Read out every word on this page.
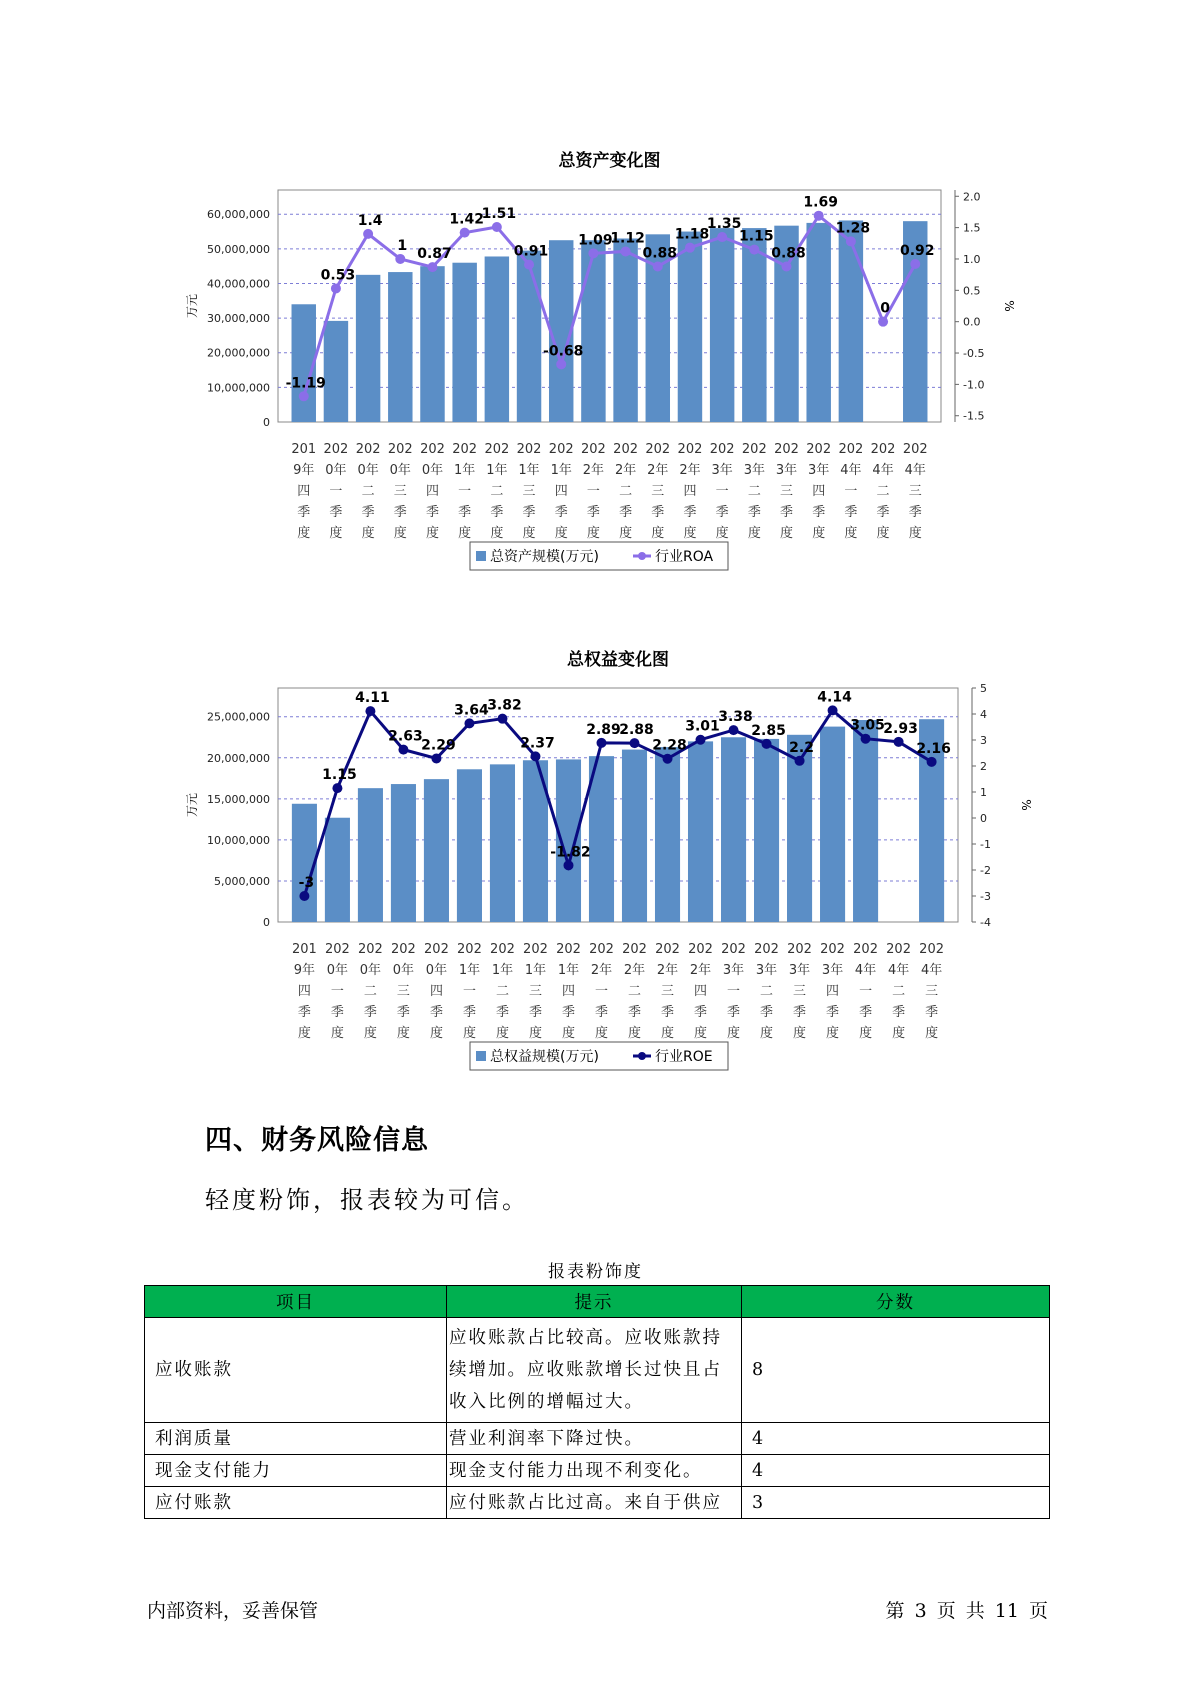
总资产变化图
0
10,000,000
20,000,000
30,000,000
40,000,000
50,000,000
60,000,000
万元
-1.5
-1.0
-0.5
0.0
0.5
1.0
1.5
2.0
%
-1.19
0.53
1.4
1
0.87
1.42
1.51
0.91
-0.68
1.09
1.12
0.88
1.18
1.35
1.15
0.88
1.69
1.28
0
0.92
201
9年
四
季
度
202
0年
一
季
度
202
0年
二
季
度
202
0年
三
季
度
202
0年
四
季
度
202
1年
一
季
度
202
1年
二
季
度
202
1年
三
季
度
202
1年
四
季
度
202
2年
一
季
度
202
2年
二
季
度
202
2年
三
季
度
202
2年
四
季
度
202
3年
一
季
度
202
3年
二
季
度
202
3年
三
季
度
202
3年
四
季
度
202
4年
一
季
度
202
4年
二
季
度
202
4年
三
季
度
总资产规模(万元)	行业ROA
总权益变化图
0
5,000,000
10,000,000
15,000,000
20,000,000
25,000,000
万元
-4
-3
-2
-1
0
1
2
3
4
5
%
-3
1.15
4.11
2.63
2.29
3.64
3.82
2.37
-1.82
2.89
2.88
2.28
3.01
3.38
2.85
2.2
4.14
3.05
2.93
2.16
201
9年
四
季
度
202
0年
一
季
度
202
0年
二
季
度
202
0年
三
季
度
202
0年
四
季
度
202
1年
一
季
度
202
1年
二
季
度
202
1年
三
季
度
202
1年
四
季
度
202
2年
一
季
度
202
2年
二
季
度
202
2年
三
季
度
202
2年
四
季
度
202
3年
一
季
度
202
3年
二
季
度
202
3年
三
季
度
202
3年
四
季
度
202
4年
一
季
度
202
4年
二
季
度
202
4年
三
季
度
总权益规模(万元)	行业ROE
四、财务风险信息
轻度粉饰，报表较为可信。
报表粉饰度
项目	提示	分数
应收账款	应收账款占比较高。应收账款持续增加。应收账款增长过快且占收入比例的增幅过大。	8
利润质量	营业利润率下降过快。	4
现金支付能力	现金支付能力出现不利变化。	4
应付账款	应付账款占比过高。来自于供应	3
内部资料，妥善保管	第 3 页 共 11 页
